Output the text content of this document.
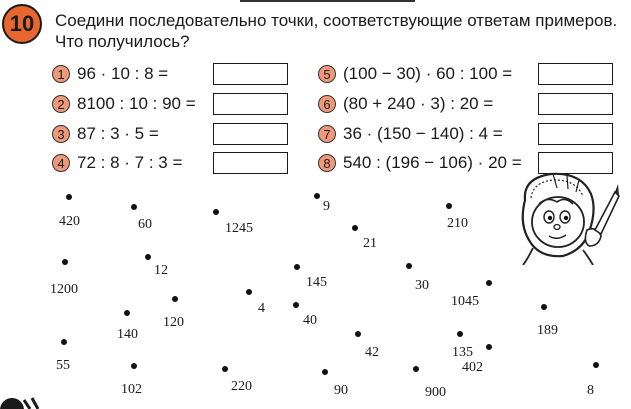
10	Соедини последовательно точки, соответствующие ответам примеров.
Что получилось?
1 96 · 10 : 8 =
2 8100 : 10 : 90 =
3 87 : 3 · 5 =
4 72 : 8 · 7 : 3 =
5 (100 − 30) · 60 : 100 =
6 (80 + 240 · 3) : 20 =
7 36 · (150 − 140) : 4 =
8 540 : (196 − 106) · 20 =
420	60	1245
9
21
210
12
1200	145	30
1045
4
40
140
120
189
55
42	135
402
102	220	90	900	8
